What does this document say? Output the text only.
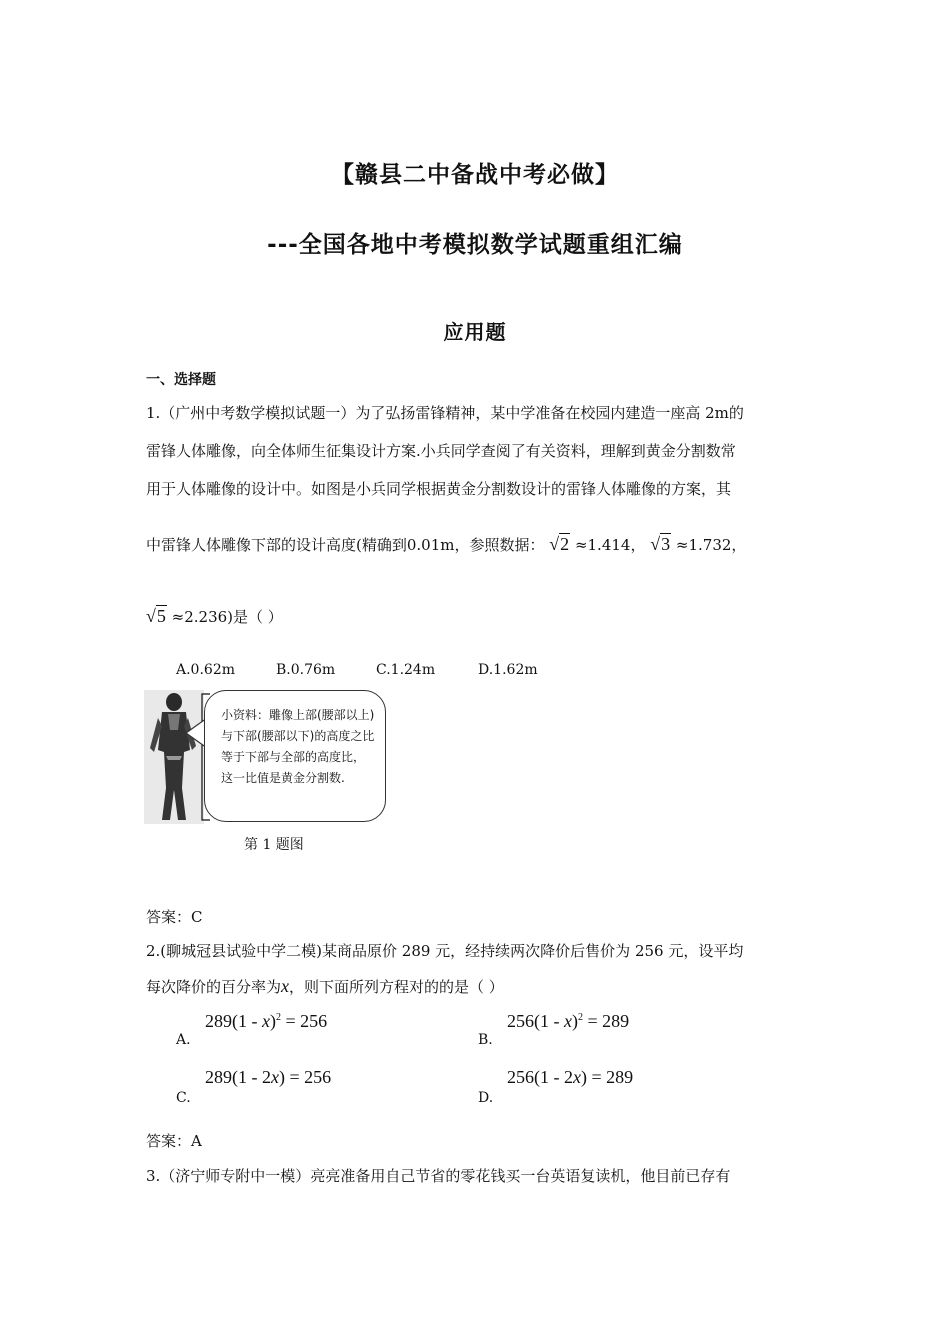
【赣县二中备战中考必做】
---全国各地中考模拟数学试题重组汇编
应用题
一、选择题
1.（广州中考数学模拟试题一）为了弘扬雷锋精神，某中学准备在校园内建造一座高 2m的
雷锋人体雕像，向全体师生征集设计方案.小兵同学查阅了有关资料，理解到黄金分割数常
用于人体雕像的设计中。如图是小兵同学根据黄金分割数设计的雷锋人体雕像的方案，其
中雷锋人体雕像下部的设计高度(精确到0.01m，参照数据： √2 ≈1.414， √3 ≈1.732，
√5 ≈2.236)是（ ）
A.0.62m	B.0.76m	C.1.24m	D.1.62m
小资料：雕像上部(腰部以上)与下部(腰部以下)的高度之比等于下部与全部的高度比，这一比值是黄金分割数.
第 1 题图
答案：C
2.(聊城冠县试验中学二模)某商品原价 289 元，经持续两次降价后售价为 256 元，设平均
每次降价的百分率为x，则下面所列方程对的的是（ ）
A.
289(1 - x)$^2$ = 256
B.
256(1 - x)$^2$ = 289
C.
289(1 - 2x) = 256
D.
256(1 - 2x) = 289
答案：A
3.（济宁师专附中一模）亮亮准备用自己节省的零花钱买一台英语复读机，他目前已存有
